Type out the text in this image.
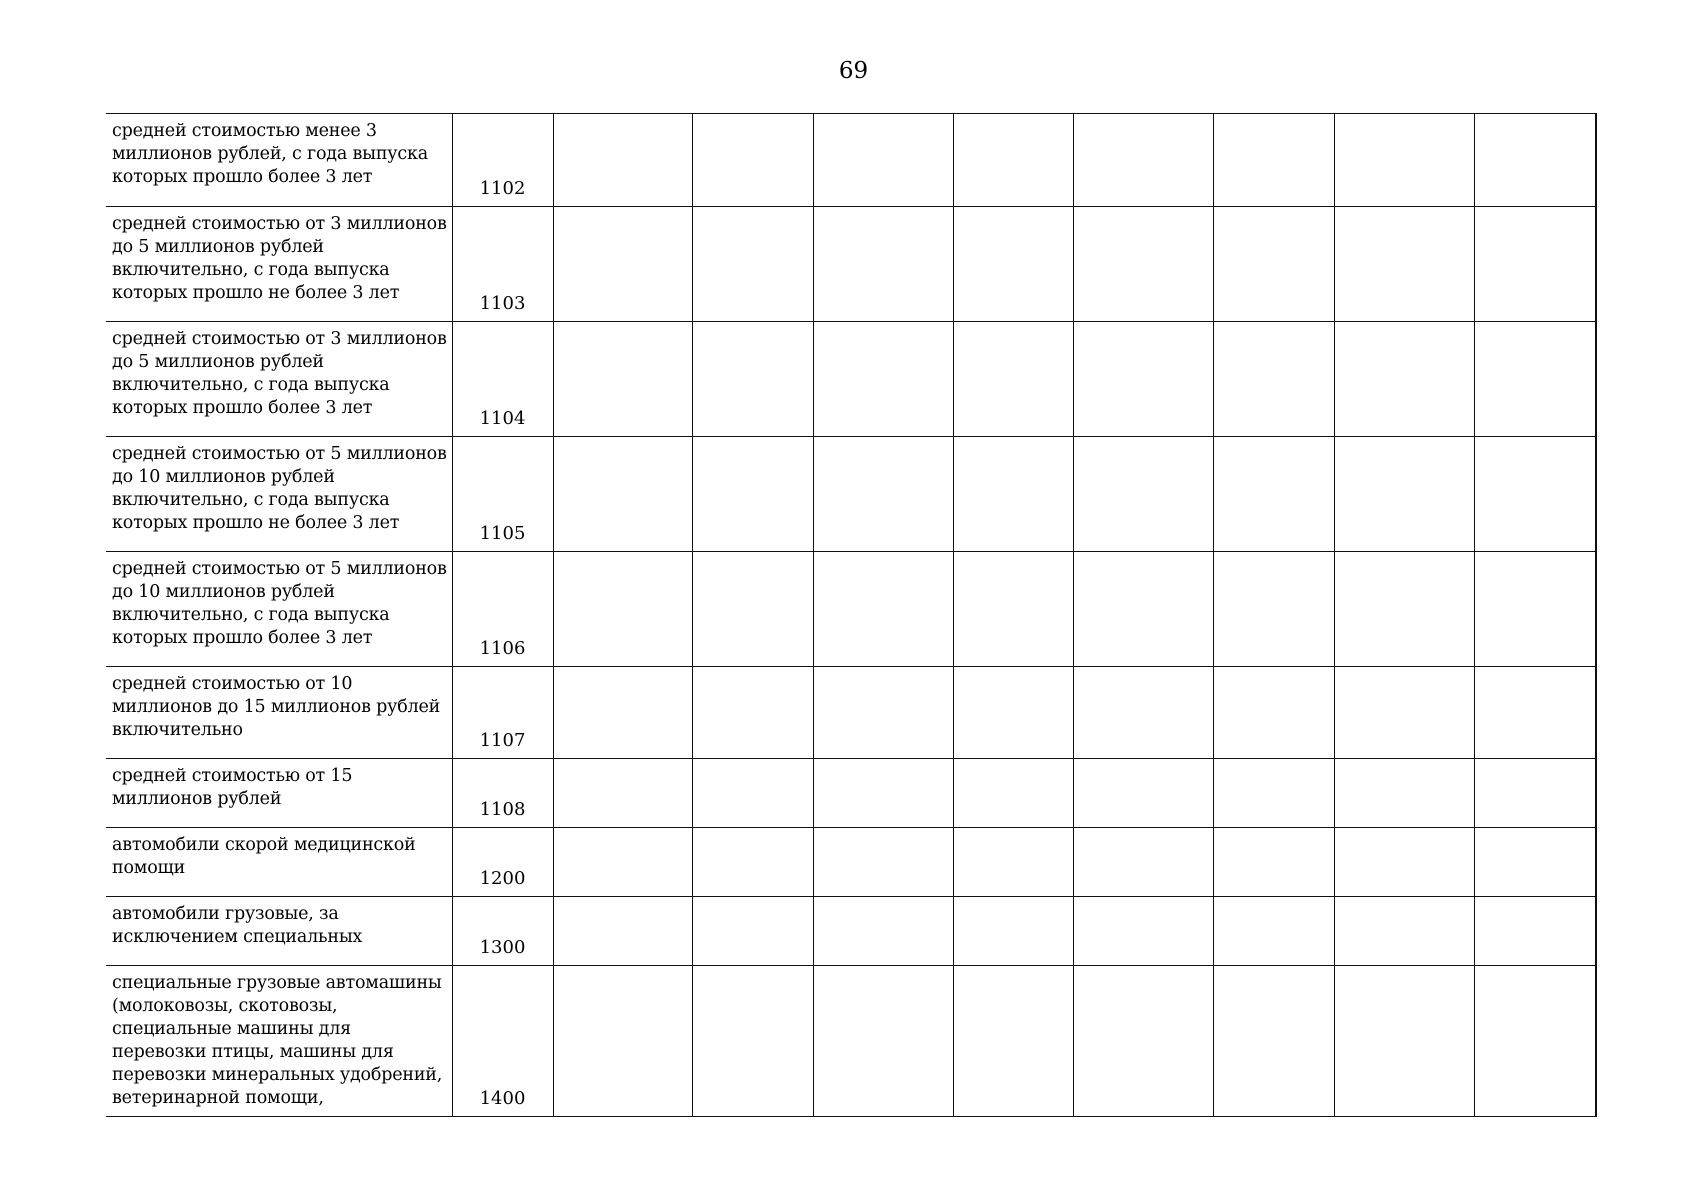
69
средней стоимостью менее 3 миллионов рублей, с года выпуска которых прошло более 3 лет	1102									
средней стоимостью от 3 миллионов до 5 миллионов рублей включительно, с года выпуска которых прошло не более 3 лет	1103									
средней стоимостью от 3 миллионов до 5 миллионов рублей включительно, с года выпуска которых прошло более 3 лет	1104									
средней стоимостью от 5 миллионов до 10 миллионов рублей включительно, с года выпуска которых прошло не более 3 лет	1105									
средней стоимостью от 5 миллионов до 10 миллионов рублей включительно, с года выпуска которых прошло более 3 лет	1106									
средней стоимостью от 10 миллионов до 15 миллионов рублей включительно	1107									
средней стоимостью от 15 миллионов рублей	1108									
автомобили скорой медицинской помощи	1200									
автомобили грузовые, за исключением специальных	1300									
специальные грузовые автомашины (молоковозы, скотовозы, специальные машины для перевозки птицы, машины для перевозки минеральных удобрений, ветеринарной помощи,	1400									
